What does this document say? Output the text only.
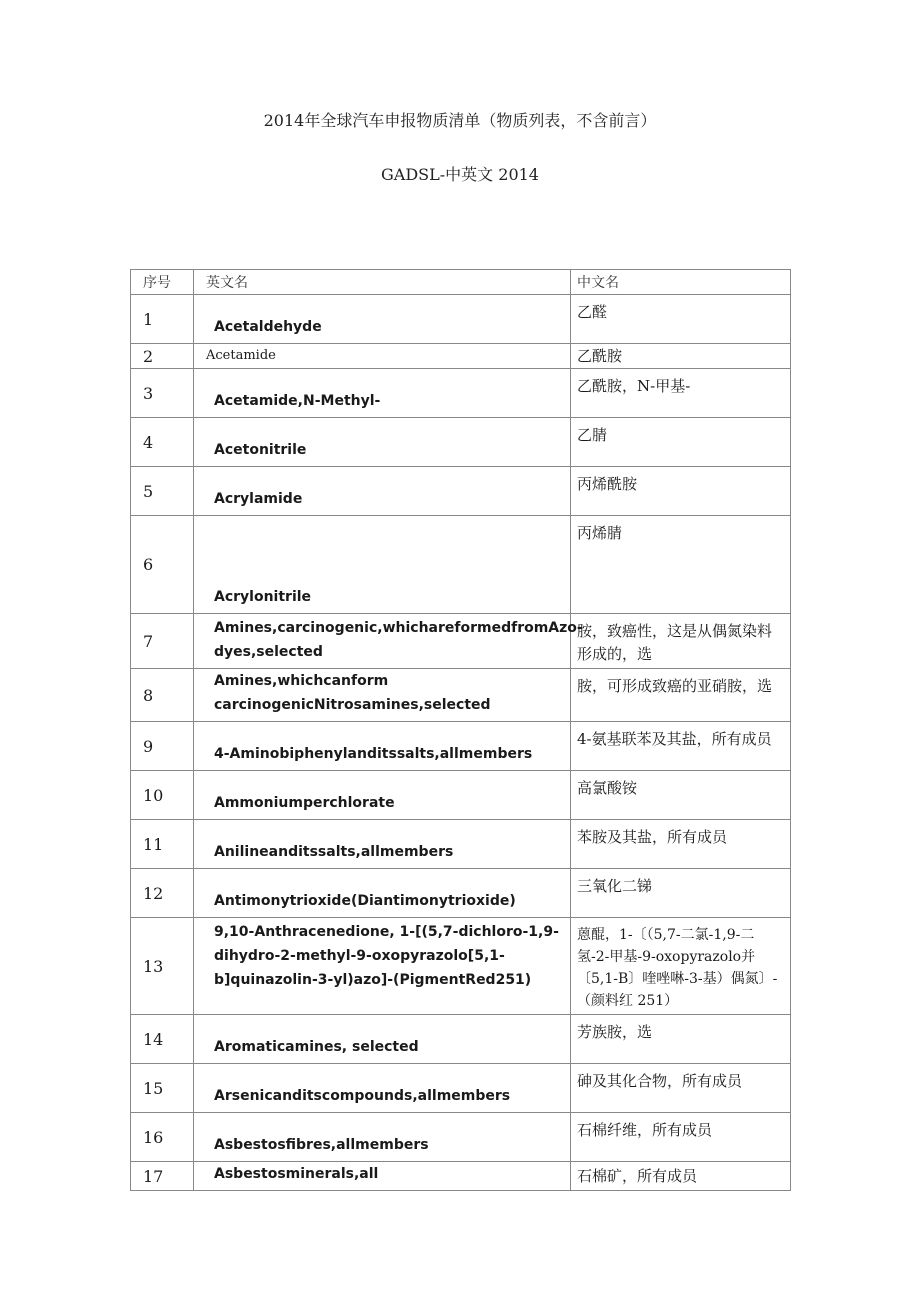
2014年全球汽车申报物质清单（物质列表，不含前言）
GADSL-中英文 2014
序号	英文名	中文名
1	Acetaldehyde	乙醛
2	Acetamide	乙酰胺
3	Acetamide,N-Methyl-	乙酰胺，N-甲基-
4	Acetonitrile	乙腈
5	Acrylamide	丙烯酰胺
6	Acrylonitrile	丙烯腈
7	Amines,carcinogenic,whichareformedfromAzo-dyes,selected	胺，致癌性，这是从偶氮染料形成的，选
8	Amines,whichcanform carcinogenicNitrosamines,selected	胺，可形成致癌的亚硝胺，选
9	4-Aminobiphenylanditssalts,allmembers	4-氨基联苯及其盐，所有成员
10	Ammoniumperchlorate	高氯酸铵
11	Anilineanditssalts,allmembers	苯胺及其盐，所有成员
12	Antimonytrioxide(Diantimonytrioxide)	三氧化二锑
13	9,10-Anthracenedione, 1-[(5,7-dichloro-1,9-dihydro-2-methyl-9-oxopyrazolo[5,1-b]quinazolin-3-yl)azo]-(PigmentRed251)	蒽醌，1-〔（5,7-二氯-1,9-二氢-2-甲基-9-oxopyrazolo并〔5,1-B〕喹唑啉-3-基）偶氮〕-（颜料红 251）
14	Aromaticamines, selected	芳族胺，选
15	Arsenicanditscompounds,allmembers	砷及其化合物，所有成员
16	Asbestosfibres,allmembers	石棉纤维，所有成员
17	Asbestosminerals,all	石棉矿，所有成员
